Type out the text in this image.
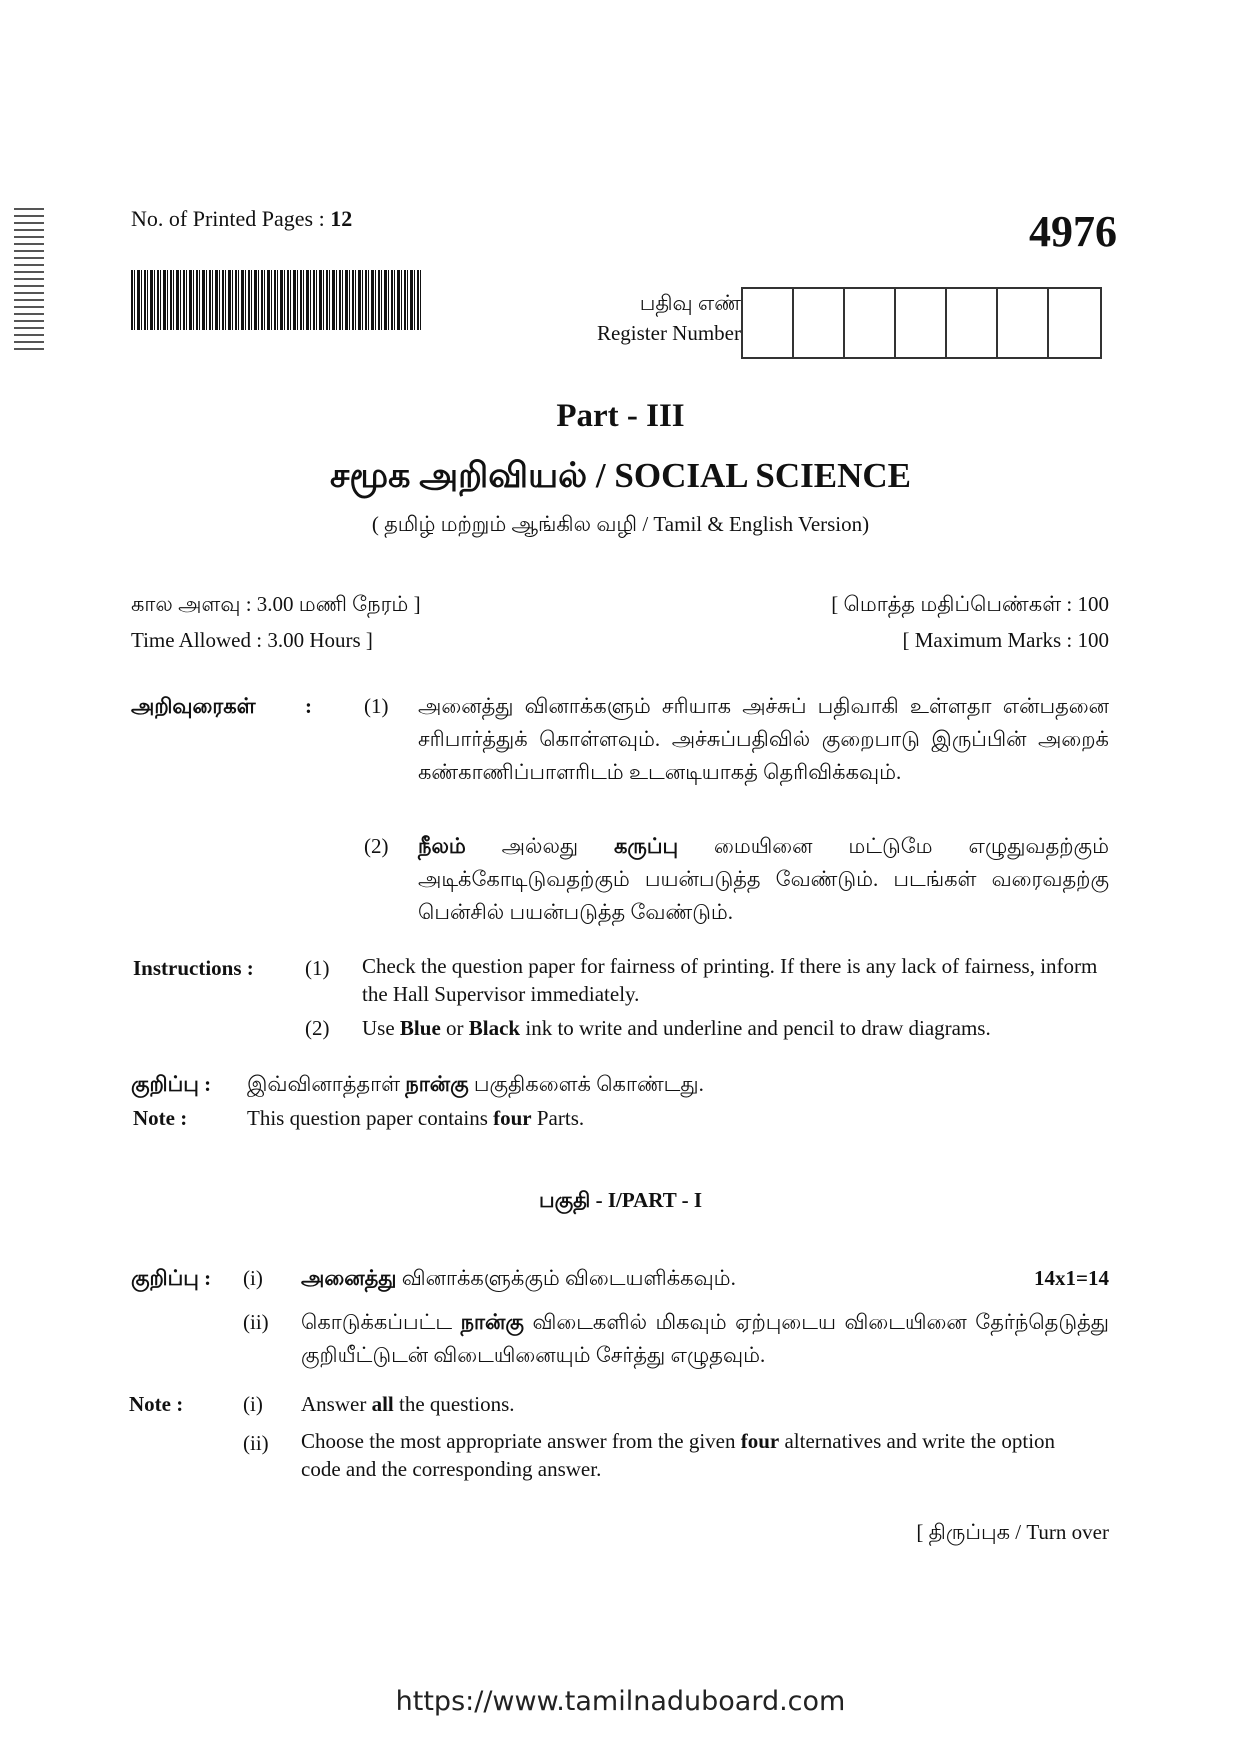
No. of Printed Pages : 12	4976
பதிவு எண்
Register Number
Part - III
சமூக அறிவியல் / SOCIAL SCIENCE
( தமிழ் மற்றும் ஆங்கில வழி / Tamil & English Version)
கால அளவு : 3.00 மணி நேரம் ]
Time Allowed : 3.00 Hours ]
[ மொத்த மதிப்பெண்கள் : 100
[ Maximum Marks : 100
அறிவுரைகள் : (1) அனைத்து வினாக்களும் சரியாக அச்சுப் பதிவாகி உள்ளதா என்பதனை சரிபார்த்துக் கொள்ளவும். அச்சுப்பதிவில் குறைபாடு இருப்பின் அறைக் கண்காணிப்பாளரிடம் உடனடியாகத் தெரிவிக்கவும்.
(2) நீலம் அல்லது கருப்பு மையினை மட்டுமே எழுதுவதற்கும் அடிக்கோடிடுவதற்கும் பயன்படுத்த வேண்டும். படங்கள் வரைவதற்கு பென்சில் பயன்படுத்த வேண்டும்.
Instructions : (1) Check the question paper for fairness of printing. If there is any lack of fairness, inform the Hall Supervisor immediately.
(2) Use Blue or Black ink to write and underline and pencil to draw diagrams.
குறிப்பு : இவ்வினாத்தாள் நான்கு பகுதிகளைக் கொண்டது.
Note :	This question paper contains four Parts.
பகுதி - I/PART - I
குறிப்பு : (i) அனைத்து வினாக்களுக்கும் விடையளிக்கவும்.	14x1=14
(ii) கொடுக்கப்பட்ட நான்கு விடைகளில் மிகவும் ஏற்புடைய விடையினை தேர்ந்தெடுத்து குறியீட்டுடன் விடையினையும் சேர்த்து எழுதவும்.
Note :	(i) Answer all the questions.
(ii) Choose the most appropriate answer from the given four alternatives and write the option code and the corresponding answer.
[ திருப்புக / Turn over
https://www.tamilnaduboard.com
